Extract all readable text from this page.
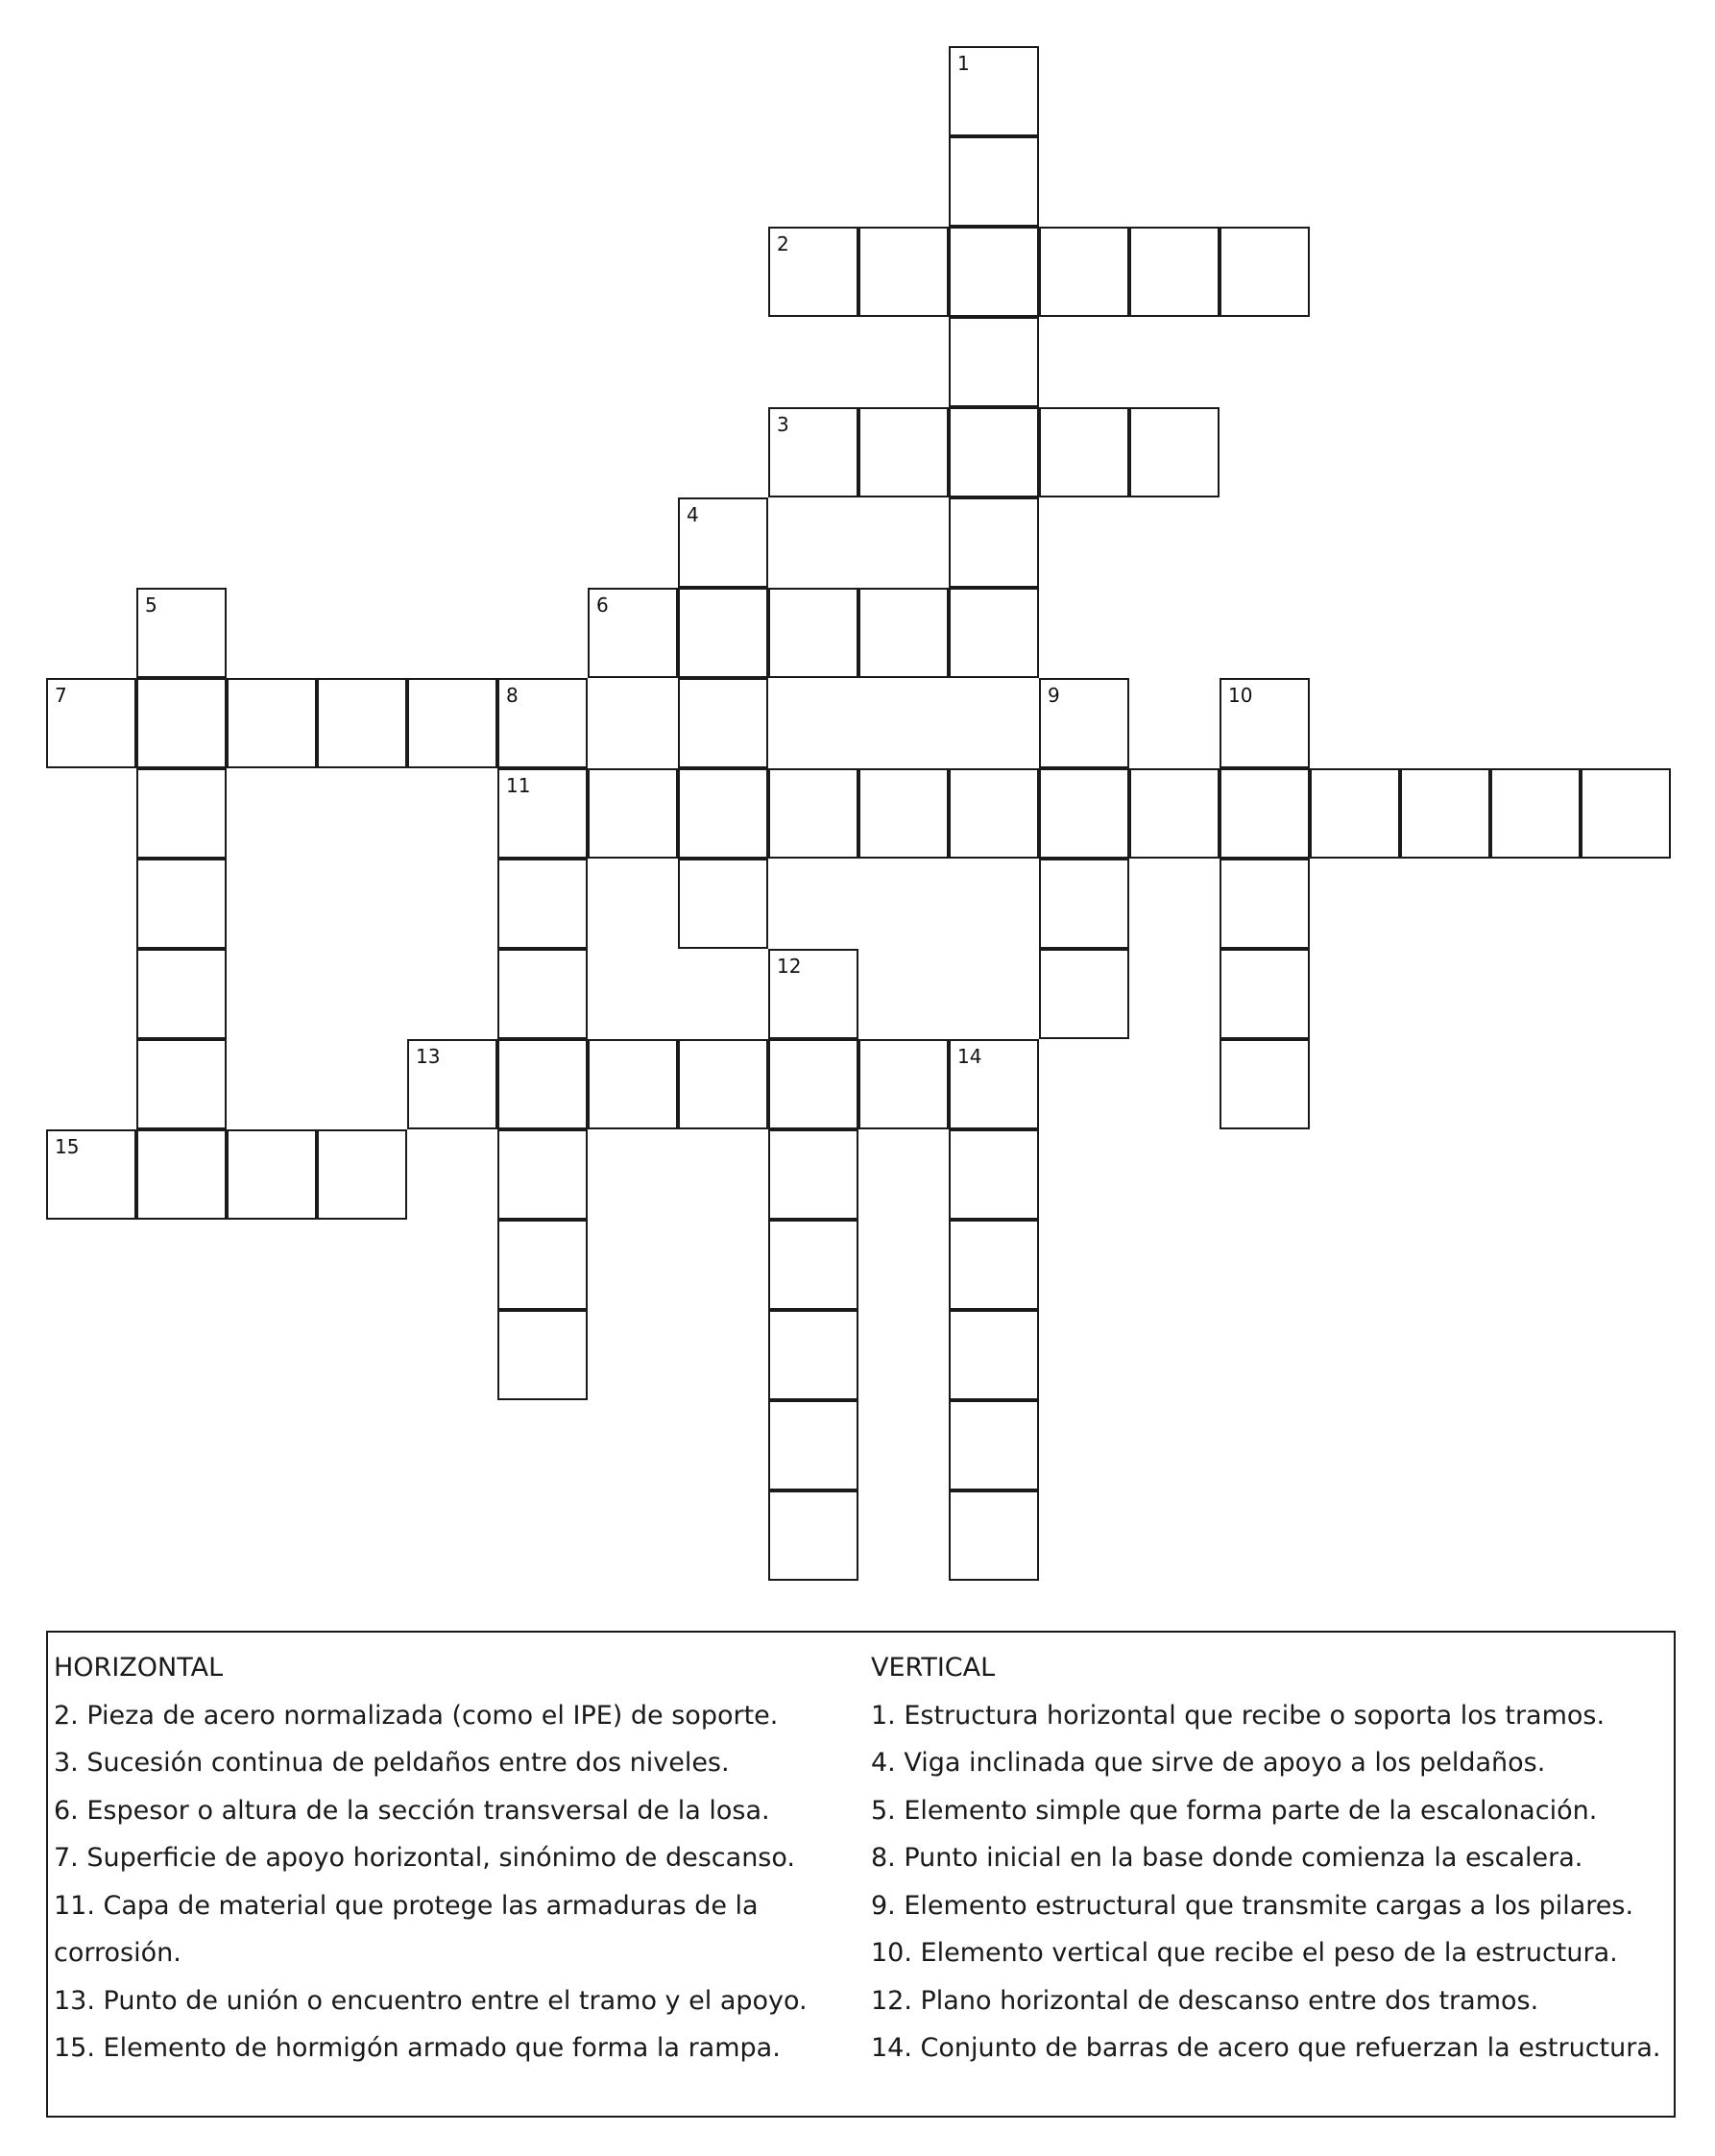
1
2
3
4
5	6
7	8
11
9	10
12
13	14
15
HORIZONTAL
2. Pieza de acero normalizada (como el IPE) de soporte.
3. Sucesión continua de peldaños entre dos niveles.
6. Espesor o altura de la sección transversal de la losa.
7. Superficie de apoyo horizontal, sinónimo de descanso.
11. Capa de material que protege las armaduras de la corrosión.
13. Punto de unión o encuentro entre el tramo y el apoyo.
15. Elemento de hormigón armado que forma la rampa.
VERTICAL
1. Estructura horizontal que recibe o soporta los tramos.
4. Viga inclinada que sirve de apoyo a los peldaños.
5. Elemento simple que forma parte de la escalonación.
8. Punto inicial en la base donde comienza la escalera.
9. Elemento estructural que transmite cargas a los pilares.
10. Elemento vertical que recibe el peso de la estructura.
12. Plano horizontal de descanso entre dos tramos.
14. Conjunto de barras de acero que refuerzan la estructura.
